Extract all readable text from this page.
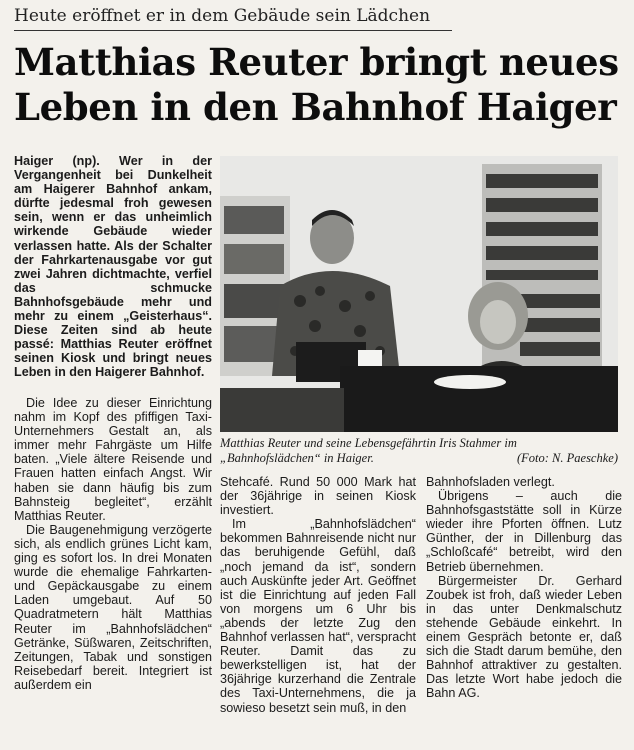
Heute eröffnet er in dem Gebäude sein Lädchen
Matthias Reuter bringt neues
Leben in den Bahnhof Haiger

Haiger (np). Wer in der Vergangenheit bei Dunkelheit am Haigerer Bahnhof ankam, dürfte jedesmal froh gewesen sein, wenn er das unheimlich wirkende Gebäude wieder verlassen hatte. Als der Schalter der Fahrkartenausgabe vor gut zwei Jahren dichtmachte, verfiel das schmucke Bahnhofsgebäude mehr und mehr zu einem „Geisterhaus“. Diese Zeiten sind ab heute passé: Matthias Reuter eröffnet seinen Kiosk und bringt neues Leben in den Haigerer Bahnhof.

Matthias Reuter und seine Lebensgefährtin Iris Stahmer im
„Bahnhofslädchen“ in Haiger.	(Foto: N. Paeschke)

Die Idee zu dieser Einrichtung nahm im Kopf des pfiffigen Taxi-Unternehmers Gestalt an, als immer mehr Fahrgäste um Hilfe baten. „Viele ältere Reisende und Frauen hatten einfach Angst. Wir haben sie dann häufig bis zum Bahnsteig begleitet“, erzählt Matthias Reuter.

Die Baugenehmigung verzögerte sich, als endlich grünes Licht kam, ging es sofort los. In drei Monaten wurde die ehemalige Fahrkarten- und Gepäckausgabe zu einem Laden umgebaut. Auf 50 Quadratmetern hält Matthias Reuter im „Bahnhofslädchen“ Getränke, Süßwaren, Zeitschriften, Zeitungen, Tabak und sonstigen Reisebedarf bereit. Integriert ist außerdem ein

Stehcafé. Rund 50 000 Mark hat der 36jährige in seinen Kiosk investiert.

Im „Bahnhofslädchen“ bekommen Bahnreisende nicht nur das beruhigende Gefühl, daß „noch jemand da ist“, sondern auch Auskünfte jeder Art. Geöffnet ist die Einrichtung auf jeden Fall von morgens um 6 Uhr bis „abends der letzte Zug den Bahnhof verlassen hat“, verspracht Reuter. Damit das zu bewerkstelligen ist, hat der 36jährige kurzerhand die Zentrale des Taxi-Unternehmens, die ja sowieso besetzt sein muß, in den

Bahnhofsladen verlegt.

Übrigens – auch die Bahnhofsgaststätte soll in Kürze wieder ihre Pforten öffnen. Lutz Günther, der in Dillenburg das „Schloßcafé“ betreibt, wird den Betrieb übernehmen.

Bürgermeister Dr. Gerhard Zoubek ist froh, daß wieder Leben in das unter Denkmalschutz stehende Gebäude einkehrt. In einem Gespräch betonte er, daß sich die Stadt darum bemühe, den Bahnhof attraktiver zu gestalten. Das letzte Wort habe jedoch die Bahn AG.
